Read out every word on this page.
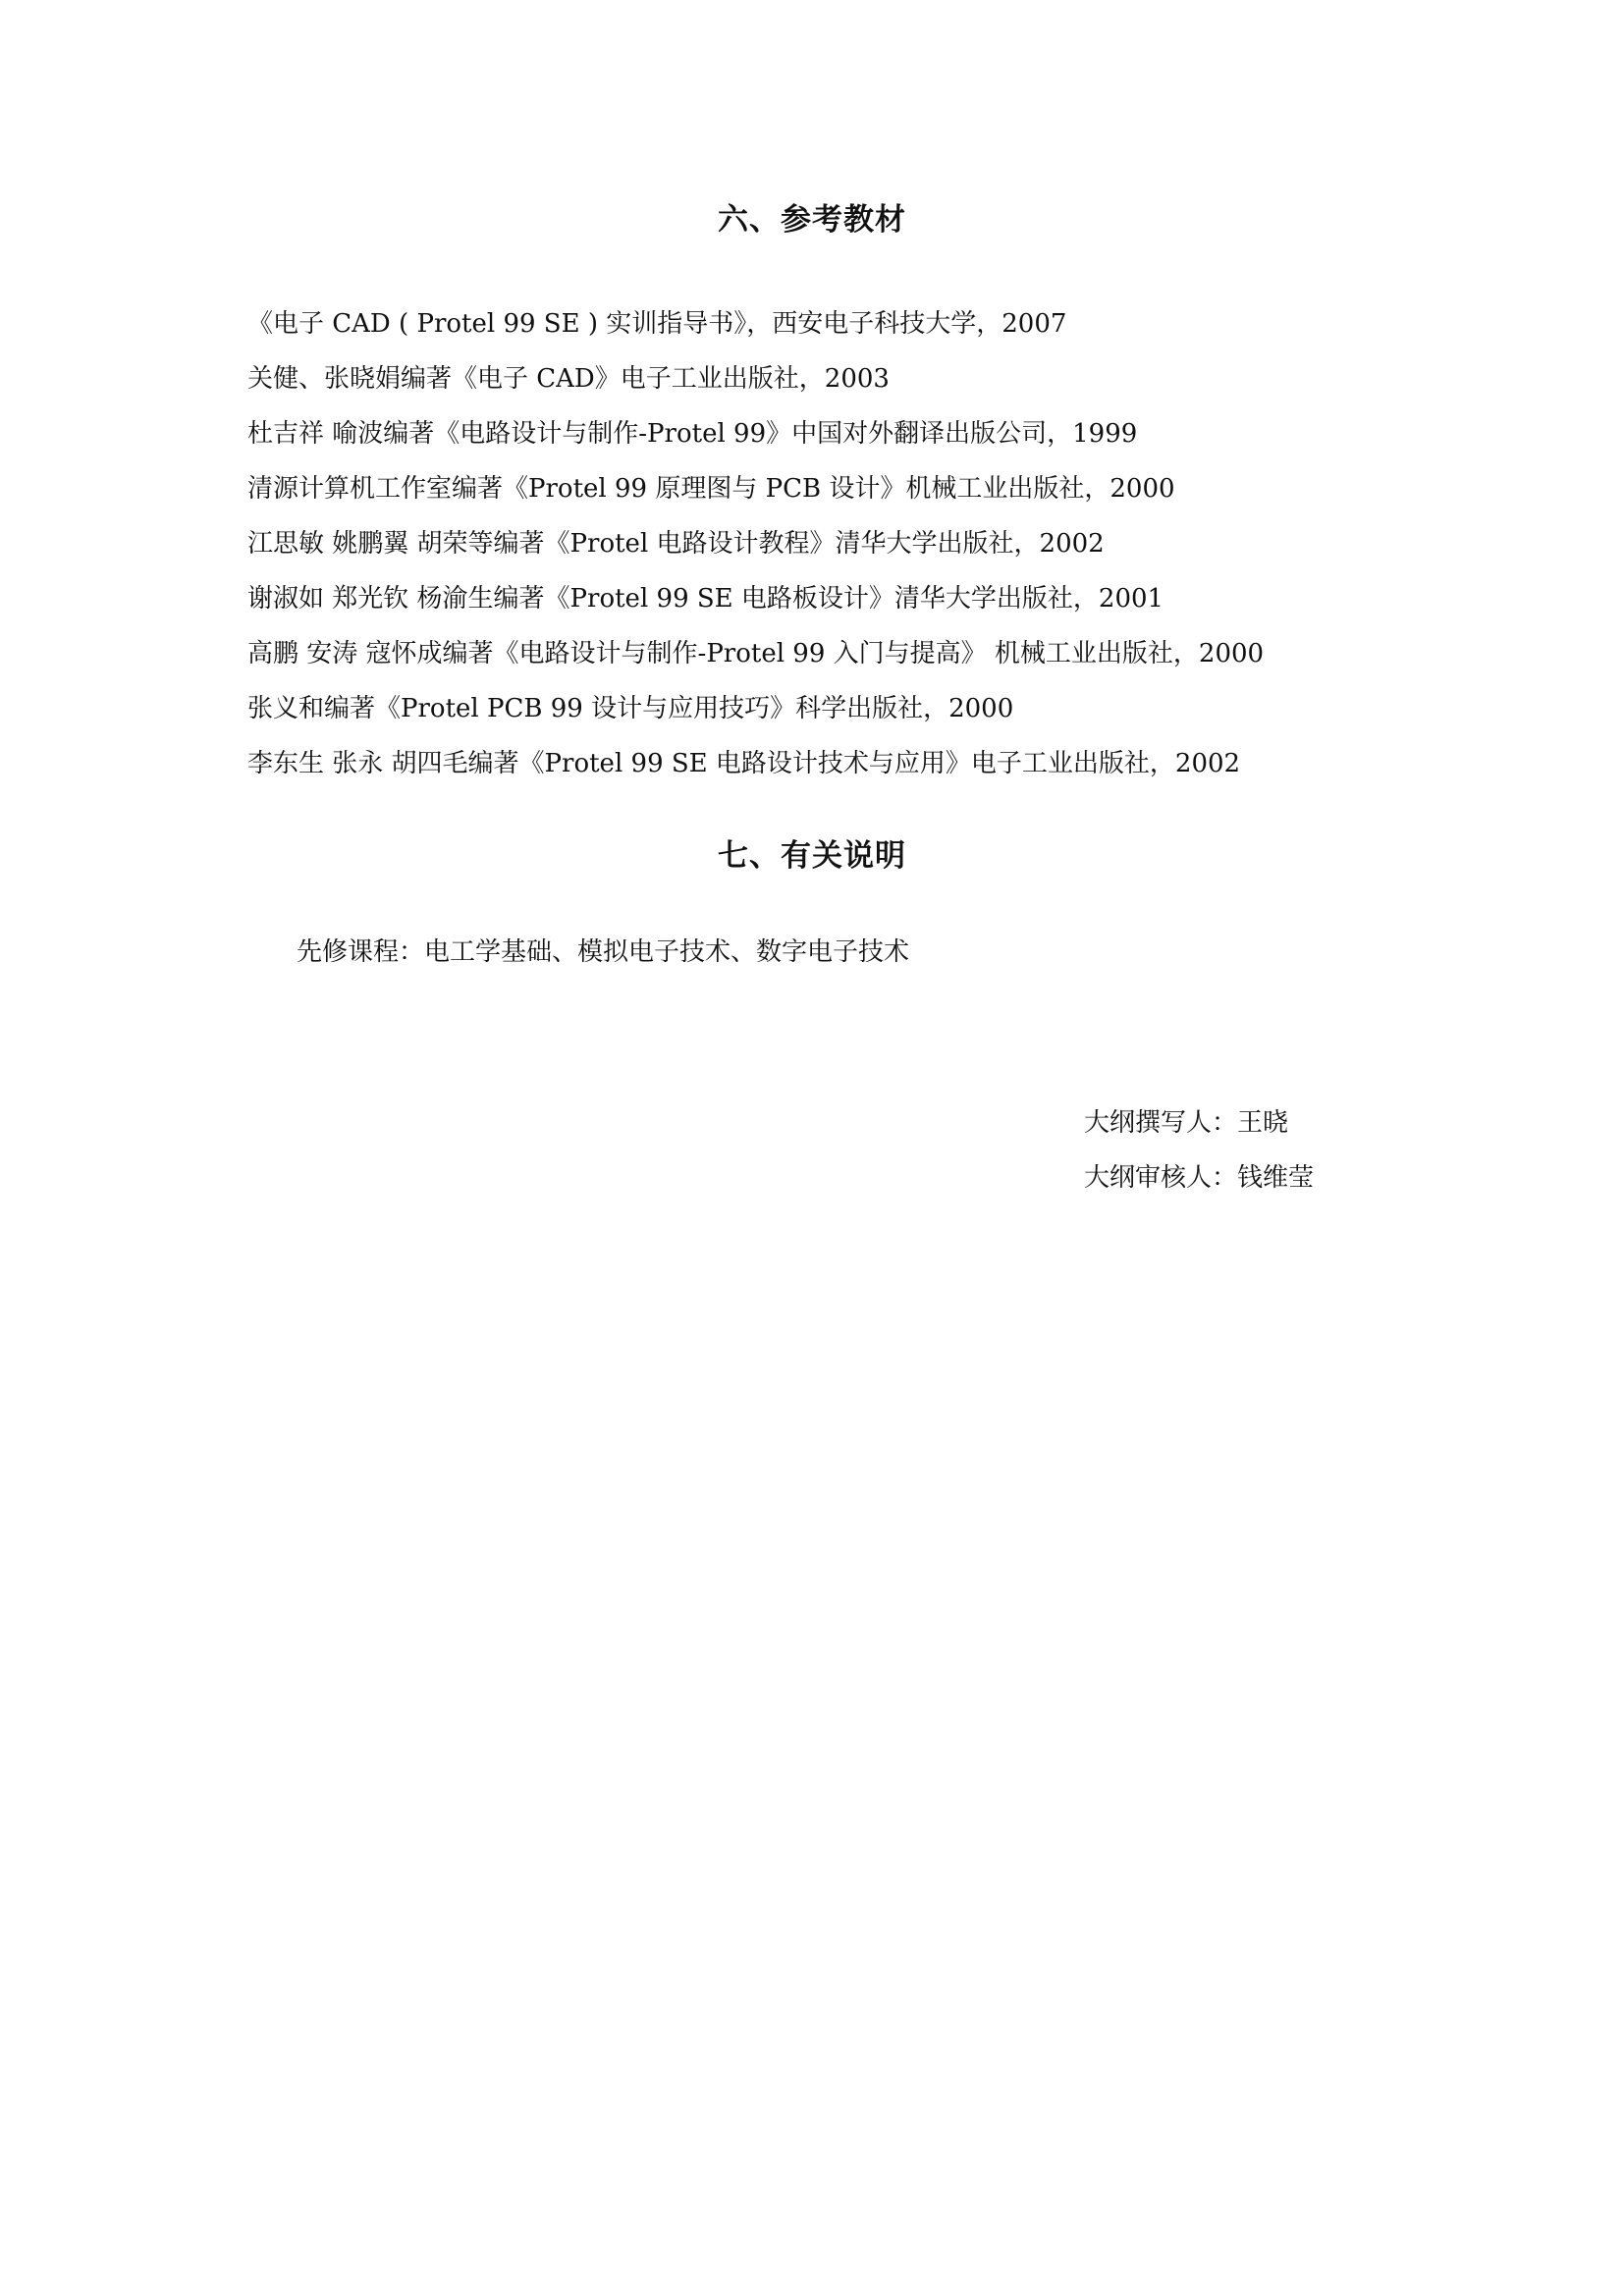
六、参考教材
《电子 CAD ( Protel 99 SE ) 实训指导书》，西安电子科技大学，2007
关健、张晓娟编著《电子 CAD》电子工业出版社，2003
杜吉祥 喻波编著《电路设计与制作-Protel 99》中国对外翻译出版公司，1999
清源计算机工作室编著《Protel 99 原理图与 PCB 设计》机械工业出版社，2000
江思敏 姚鹏翼 胡荣等编著《Protel 电路设计教程》清华大学出版社，2002
谢淑如 郑光钦 杨渝生编著《Protel 99 SE 电路板设计》清华大学出版社，2001
高鹏 安涛 寇怀成编著《电路设计与制作-Protel 99 入门与提高》 机械工业出版社，2000
张义和编著《Protel PCB 99 设计与应用技巧》科学出版社，2000
李东生 张永 胡四毛编著《Protel 99 SE 电路设计技术与应用》电子工业出版社，2002
七、有关说明
先修课程：电工学基础、模拟电子技术、数字电子技术
大纲撰写人：王晓
大纲审核人：钱维莹
